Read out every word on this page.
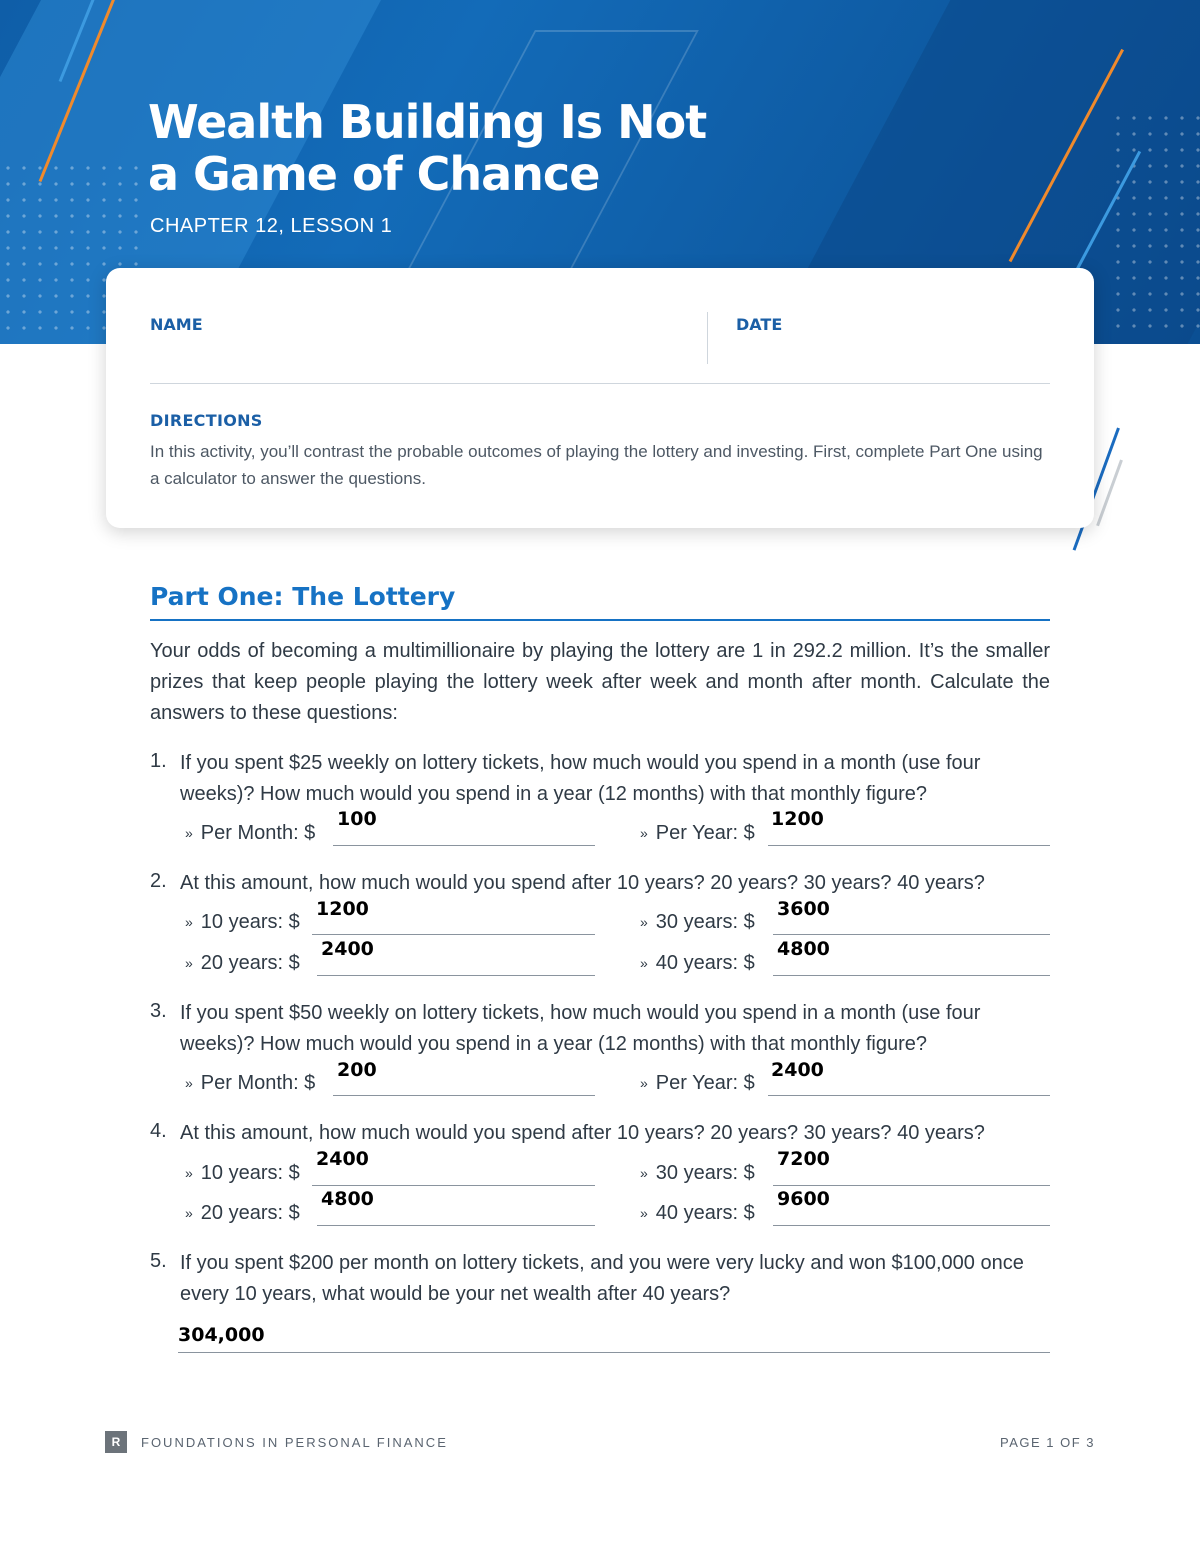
Wealth Building Is Not
a Game of Chance
CHAPTER 12, LESSON 1
NAME	DATE
DIRECTIONS
In this activity, you’ll contrast the probable outcomes of playing the lottery and investing. First, complete Part One using a calculator to answer the questions.
Part One: The Lottery
Your odds of becoming a multimillionaire by playing the lottery are 1 in 292.2 million. It’s the smaller prizes that keep people playing the lottery week after week and month after month. Calculate the answers to these questions:
1. If you spent $25 weekly on lottery tickets, how much would you spend in a month (use four weeks)? How much would you spend in a year (12 months) with that monthly figure?
» Per Month: $
100
» Per Year: $
1200
2. At this amount, how much would you spend after 10 years? 20 years? 30 years? 40 years?
» 10 years: $
1200
» 30 years: $
3600
» 20 years: $
2400
» 40 years: $
4800
3. If you spent $50 weekly on lottery tickets, how much would you spend in a month (use four weeks)? How much would you spend in a year (12 months) with that monthly figure?
» Per Month: $
200
» Per Year: $
2400
4. At this amount, how much would you spend after 10 years? 20 years? 30 years? 40 years?
» 10 years: $
2400
» 30 years: $
7200
» 20 years: $
4800
» 40 years: $
9600
5. If you spent $200 per month on lottery tickets, and you were very lucky and won $100,000 once every 10 years, what would be your net wealth after 40 years?
304,000
R	FOUNDATIONS IN PERSONAL FINANCE	PAGE 1 OF 3
